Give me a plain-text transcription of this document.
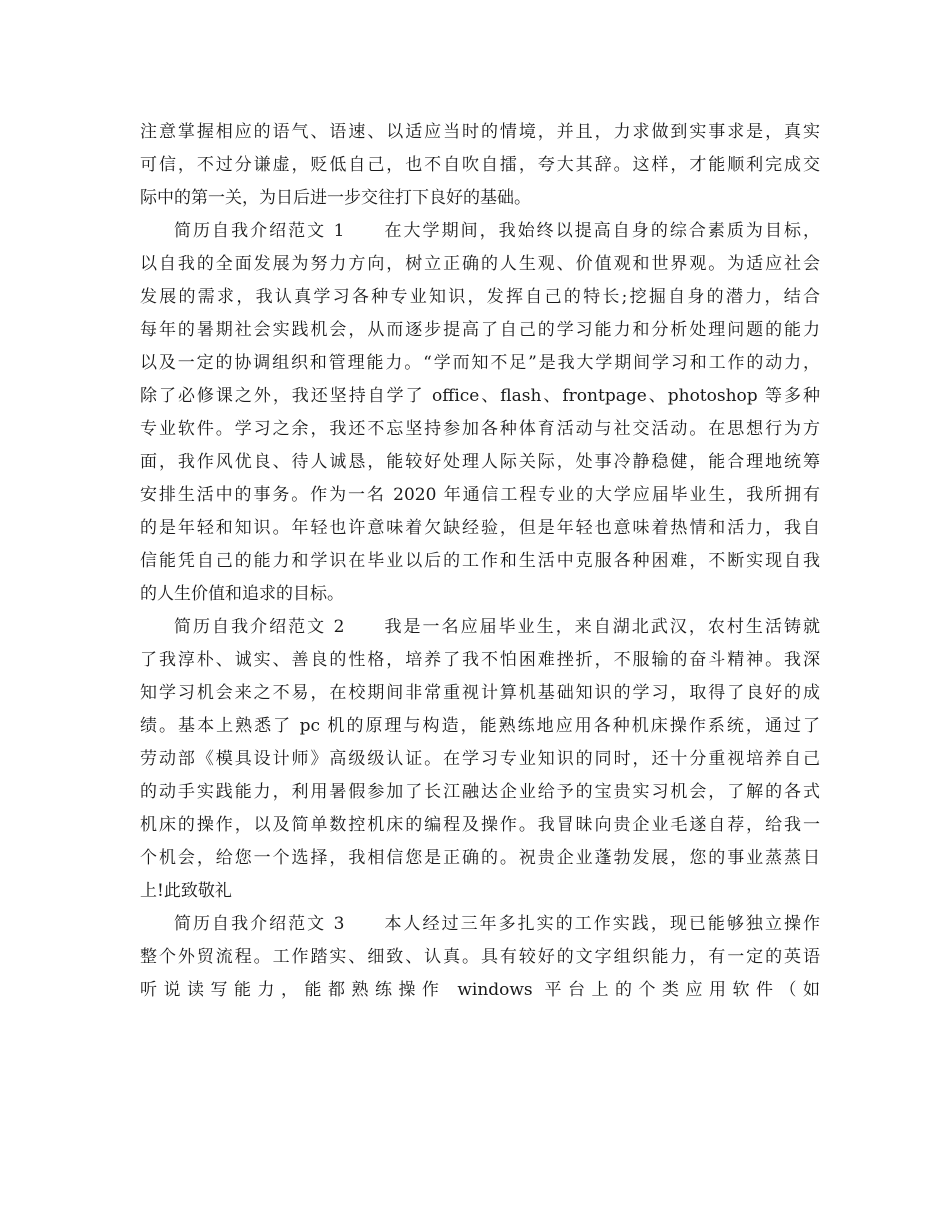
注意掌握相应的语气、语速、以适应当时的情境，并且，力求做到实事求是，真实
可信，不过分谦虚，贬低自己，也不自吹自擂，夸大其辞。这样，才能顺利完成交
际中的第一关，为日后进一步交往打下良好的基础。
简历自我介绍范文 1　　在大学期间，我始终以提高自身的综合素质为目标，
以自我的全面发展为努力方向，树立正确的人生观、价值观和世界观。为适应社会
发展的需求，我认真学习各种专业知识，发挥自己的特长;挖掘自身的潜力，结合
每年的暑期社会实践机会，从而逐步提高了自己的学习能力和分析处理问题的能力
以及一定的协调组织和管理能力。“学而知不足”是我大学期间学习和工作的动力，
除了必修课之外，我还坚持自学了 office、flash、frontpage、photoshop 等多种
专业软件。学习之余，我还不忘坚持参加各种体育活动与社交活动。在思想行为方
面，我作风优良、待人诚恳，能较好处理人际关际，处事冷静稳健，能合理地统筹
安排生活中的事务。作为一名 2020 年通信工程专业的大学应届毕业生，我所拥有
的是年轻和知识。年轻也许意味着欠缺经验，但是年轻也意味着热情和活力，我自
信能凭自己的能力和学识在毕业以后的工作和生活中克服各种困难，不断实现自我
的人生价值和追求的目标。
简历自我介绍范文 2　　我是一名应届毕业生，来自湖北武汉，农村生活铸就
了我淳朴、诚实、善良的性格，培养了我不怕困难挫折，不服输的奋斗精神。我深
知学习机会来之不易，在校期间非常重视计算机基础知识的学习，取得了良好的成
绩。基本上熟悉了 pc 机的原理与构造，能熟练地应用各种机床操作系统，通过了
劳动部《模具设计师》高级级认证。在学习专业知识的同时，还十分重视培养自己
的动手实践能力，利用暑假参加了长江融达企业给予的宝贵实习机会，了解的各式
机床的操作，以及简单数控机床的编程及操作。我冒昧向贵企业毛遂自荐，给我一
个机会，给您一个选择，我相信您是正确的。祝贵企业蓬勃发展，您的事业蒸蒸日
上!此致敬礼
简历自我介绍范文 3　　本人经过三年多扎实的工作实践，现已能够独立操作
整个外贸流程。工作踏实、细致、认真。具有较好的文字组织能力，有一定的英语
听说读写能力，能都熟练操作 windows 平台上的个类应用软件（如
